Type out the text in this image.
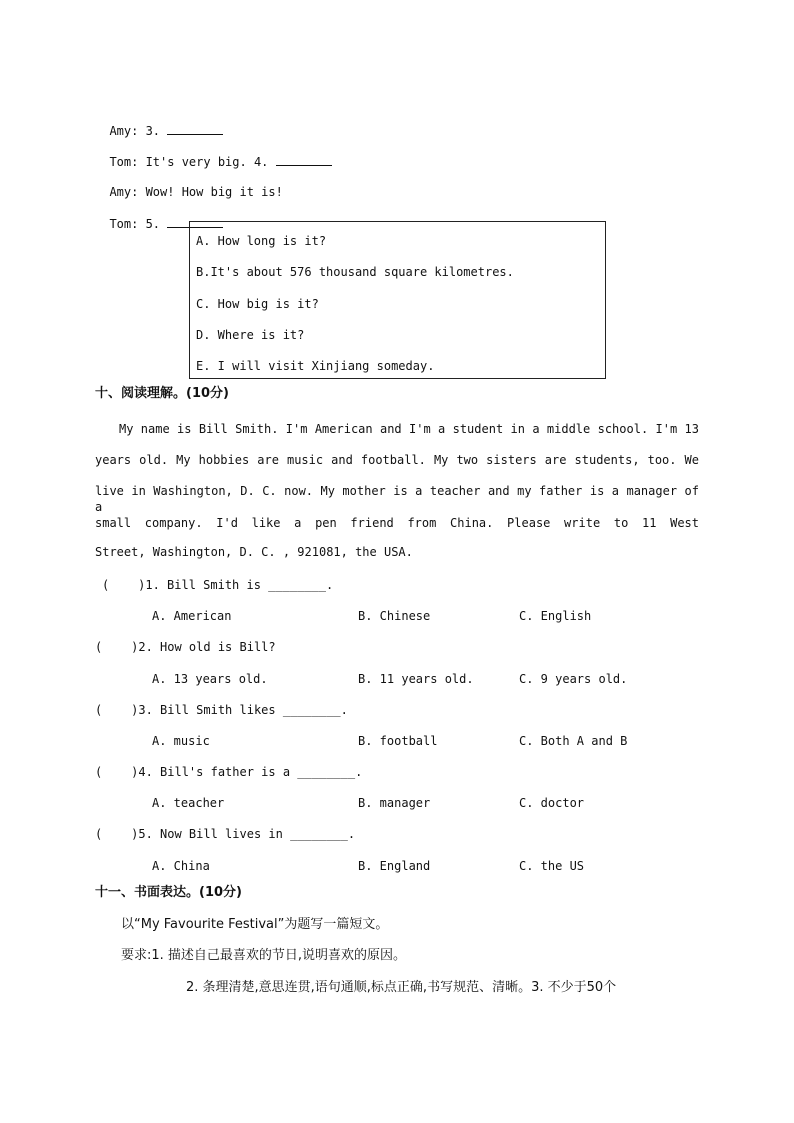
Amy: 3.

Tom: It's very big. 4.

Amy: Wow! How big it is!

Tom: 5.

A. How long is it?
B.It's about 576 thousand square kilometres.
C. How big is it?
D. Where is it?
E. I will visit Xinjiang someday.
十、阅读理解。(10分)
My name is Bill Smith. I'm American and I'm a student in a middle school. I'm 13
years old. My hobbies are music and football. My two sisters are students, too. We
live in Washington, D. C. now. My mother is a teacher and my father is a manager of a
small company. I'd like a pen friend from China. Please write to 11 West
Street, Washington, D. C. , 921081, the USA.
(    )1. Bill Smith is ________.
A. American	B. Chinese	C. English
(    )2. How old is Bill?
A. 13 years old.	B. 11 years old.	C. 9 years old.
(    )3. Bill Smith likes ________.
A. music	B. football	C. Both A and B
(    )4. Bill's father is a ________.
A. teacher	B. manager	C. doctor
(    )5. Now Bill lives in ________.
A. China	B. England	C. the US
十一、书面表达。(10分)
以“My Favourite Festival”为题写一篇短文。
要求:1. 描述自己最喜欢的节日,说明喜欢的原因。
2. 条理清楚,意思连贯,语句通顺,标点正确,书写规范、清晰。3. 不少于50个
